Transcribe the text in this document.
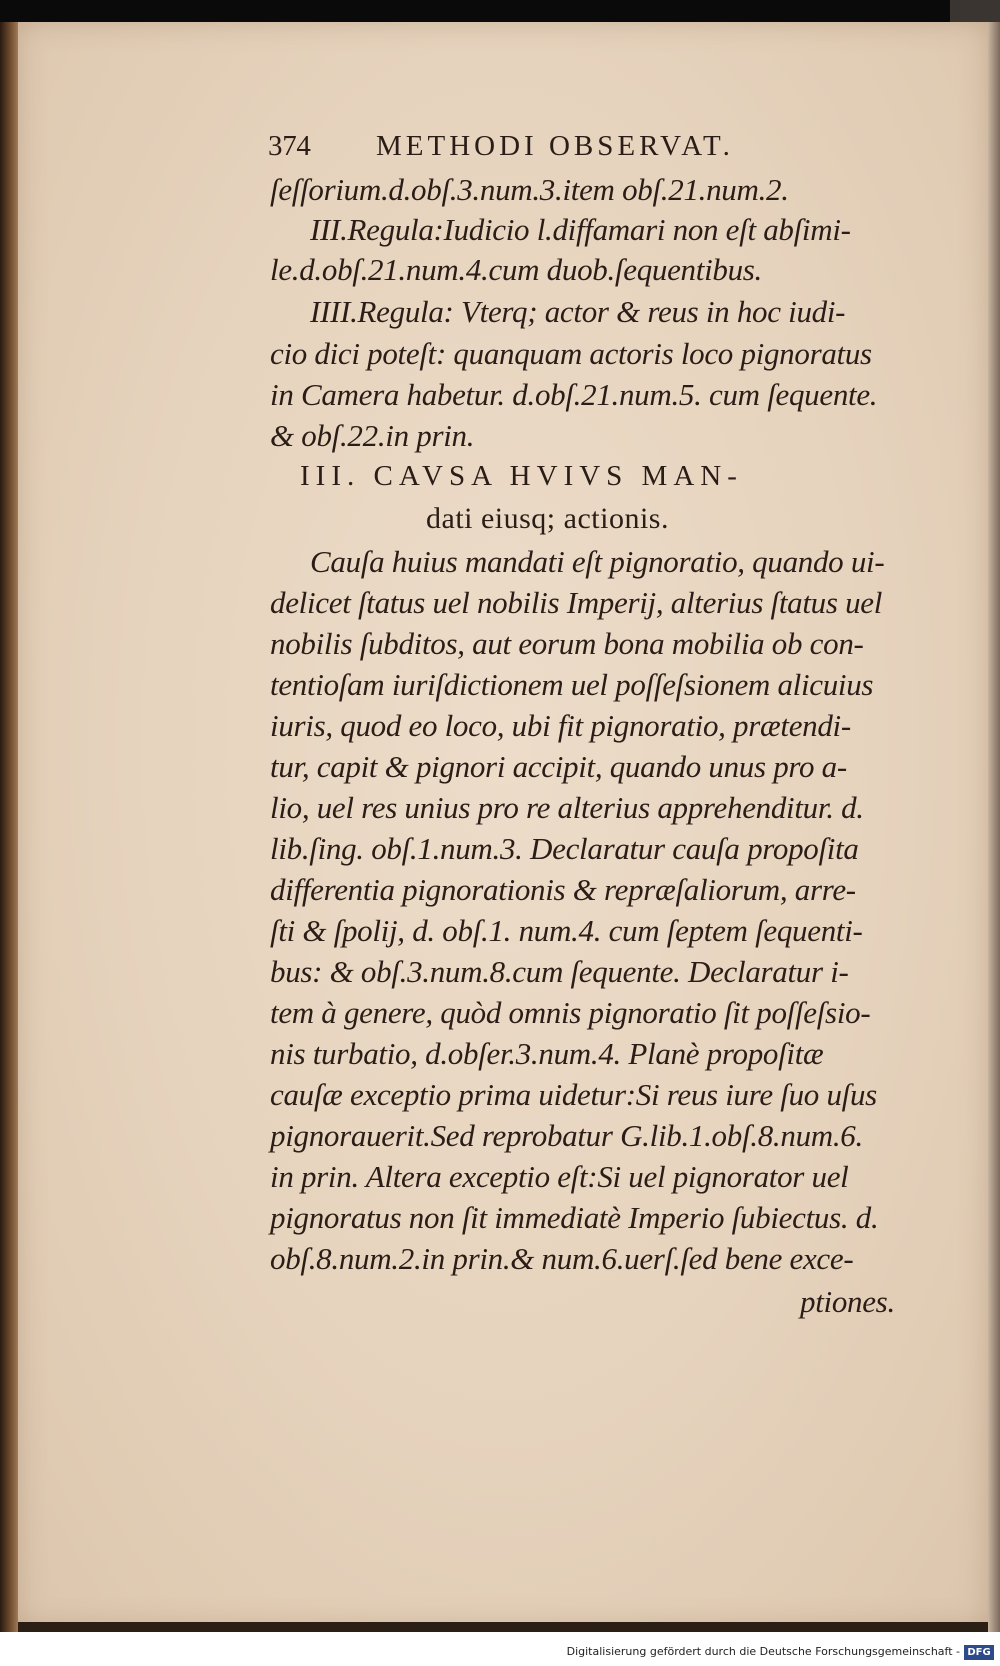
374 METHODI OBSERVAT.
ſeſſorium.d.obſ.3.num.3.item obſ.21.num.2.
III.Regula:Iudicio l.diffamari non eſt abſimi-
le.d.obſ.21.num.4.cum duob.ſequentibus.
IIII.Regula: Vterq; actor & reus in hoc iudi-
cio dici poteſt: quanquam actoris loco pignoratus
in Camera habetur. d.obſ.21.num.5. cum ſequente.
& obſ.22.in prin.
III. CAVSA HVIVS MAN-
dati eiusq; actionis.
Cauſa huius mandati eſt pignoratio, quando ui-
delicet ſtatus uel nobilis Imperij, alterius ſtatus uel
nobilis ſubditos, aut eorum bona mobilia ob con-
tentioſam iuriſdictionem uel poſſeſsionem alicuius
iuris, quod eo loco, ubi fit pignoratio, prætendi-
tur, capit & pignori accipit, quando unus pro a-
lio, uel res unius pro re alterius apprehenditur. d.
lib.ſing. obſ.1.num.3. Declaratur cauſa propoſita
differentia pignorationis & repræſaliorum, arre-
ſti & ſpolij, d. obſ.1. num.4. cum ſeptem ſequenti-
bus: & obſ.3.num.8.cum ſequente. Declaratur i-
tem à genere, quòd omnis pignoratio ſit poſſeſsio-
nis turbatio, d.obſer.3.num.4. Planè propoſitæ
cauſæ exceptio prima uidetur:Si reus iure ſuo uſus
pignorauerit.Sed reprobatur G.lib.1.obſ.8.num.6.
in prin. Altera exceptio eſt:Si uel pignorator uel
pignoratus non ſit immediatè Imperio ſubiectus. d.
obſ.8.num.2.in prin.& num.6.uerſ.ſed bene exce-
ptiones.
Digitalisierung gefördert durch die Deutsche Forschungsgemeinschaft - DFG
